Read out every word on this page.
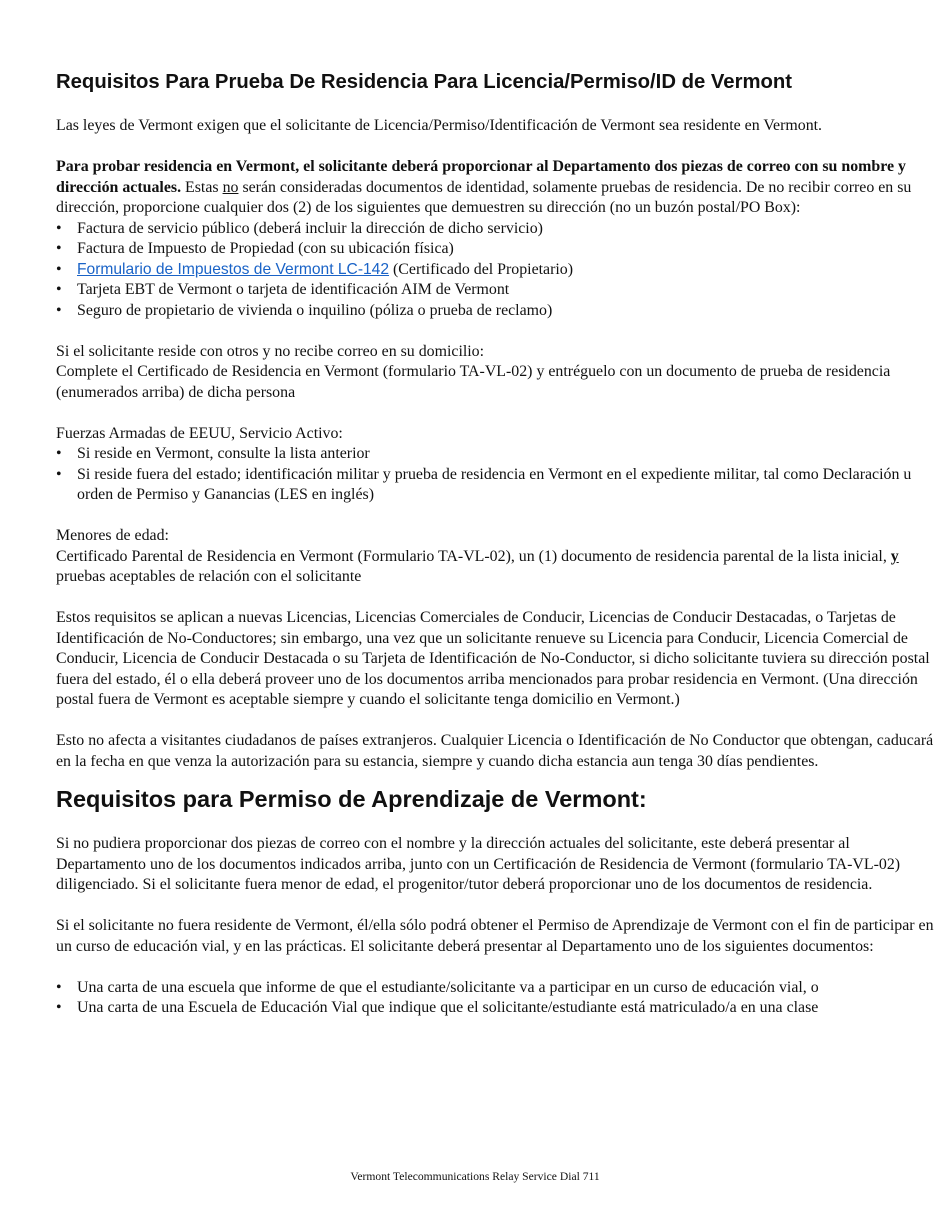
Requisitos Para Prueba De Residencia Para Licencia/Permiso/ID de Vermont

Las leyes de Vermont exigen que el solicitante de Licencia/Permiso/Identificación de Vermont sea residente en Vermont.

Para probar residencia en Vermont, el solicitante deberá proporcionar al Departamento dos piezas de correo con su nombre y dirección actuales. Estas no serán consideradas documentos de identidad, solamente pruebas de residencia. De no recibir correo en su dirección, proporcione cualquier dos (2) de los siguientes que demuestren su dirección (no un buzón postal/PO Box):

• Factura de servicio público (deberá incluir la dirección de dicho servicio)
• Factura de Impuesto de Propiedad (con su ubicación física)
• Formulario de Impuestos de Vermont LC-142 (Certificado del Propietario)
• Tarjeta EBT de Vermont o tarjeta de identificación AIM de Vermont
• Seguro de propietario de vivienda o inquilino (póliza o prueba de reclamo)

Si el solicitante reside con otros y no recibe correo en su domicilio:

Complete el Certificado de Residencia en Vermont (formulario TA-VL-02) y entréguelo con un documento de prueba de residencia (enumerados arriba) de dicha persona

Fuerzas Armadas de EEUU, Servicio Activo:

• Si reside en Vermont, consulte la lista anterior
• Si reside fuera del estado; identificación militar y prueba de residencia en Vermont en el expediente militar, tal como Declaración u orden de Permiso y Ganancias (LES en inglés)

Menores de edad:

Certificado Parental de Residencia en Vermont (Formulario TA-VL-02), un (1) documento de residencia parental de la lista inicial, y pruebas aceptables de relación con el solicitante

Estos requisitos se aplican a nuevas Licencias, Licencias Comerciales de Conducir, Licencias de Conducir Destacadas, o Tarjetas de Identificación de No-Conductores; sin embargo, una vez que un solicitante renueve su Licencia para Conducir, Licencia Comercial de Conducir, Licencia de Conducir Destacada o su Tarjeta de Identificación de No-Conductor, si dicho solicitante tuviera su dirección postal fuera del estado, él o ella deberá proveer uno de los documentos arriba mencionados para probar residencia en Vermont. (Una dirección postal fuera de Vermont es aceptable siempre y cuando el solicitante tenga domicilio en Vermont.)

Esto no afecta a visitantes ciudadanos de países extranjeros. Cualquier Licencia o Identificación de No Conductor que obtengan, caducará en la fecha en que venza la autorización para su estancia, siempre y cuando dicha estancia aun tenga 30 días pendientes.

Requisitos para Permiso de Aprendizaje de Vermont:

Si no pudiera proporcionar dos piezas de correo con el nombre y la dirección actuales del solicitante, este deberá presentar al Departamento uno de los documentos indicados arriba, junto con un Certificación de Residencia de Vermont (formulario TA-VL-02) diligenciado. Si el solicitante fuera menor de edad, el progenitor/tutor deberá proporcionar uno de los documentos de residencia.

Si el solicitante no fuera residente de Vermont, él/ella sólo podrá obtener el Permiso de Aprendizaje de Vermont con el fin de participar en un curso de educación vial, y en las prácticas. El solicitante deberá presentar al Departamento uno de los siguientes documentos:

• Una carta de una escuela que informe de que el estudiante/solicitante va a participar en un curso de educación vial, o
• Una carta de una Escuela de Educación Vial que indique que el solicitante/estudiante está matriculado/a en una clase
Vermont Telecommunications Relay Service Dial 711
